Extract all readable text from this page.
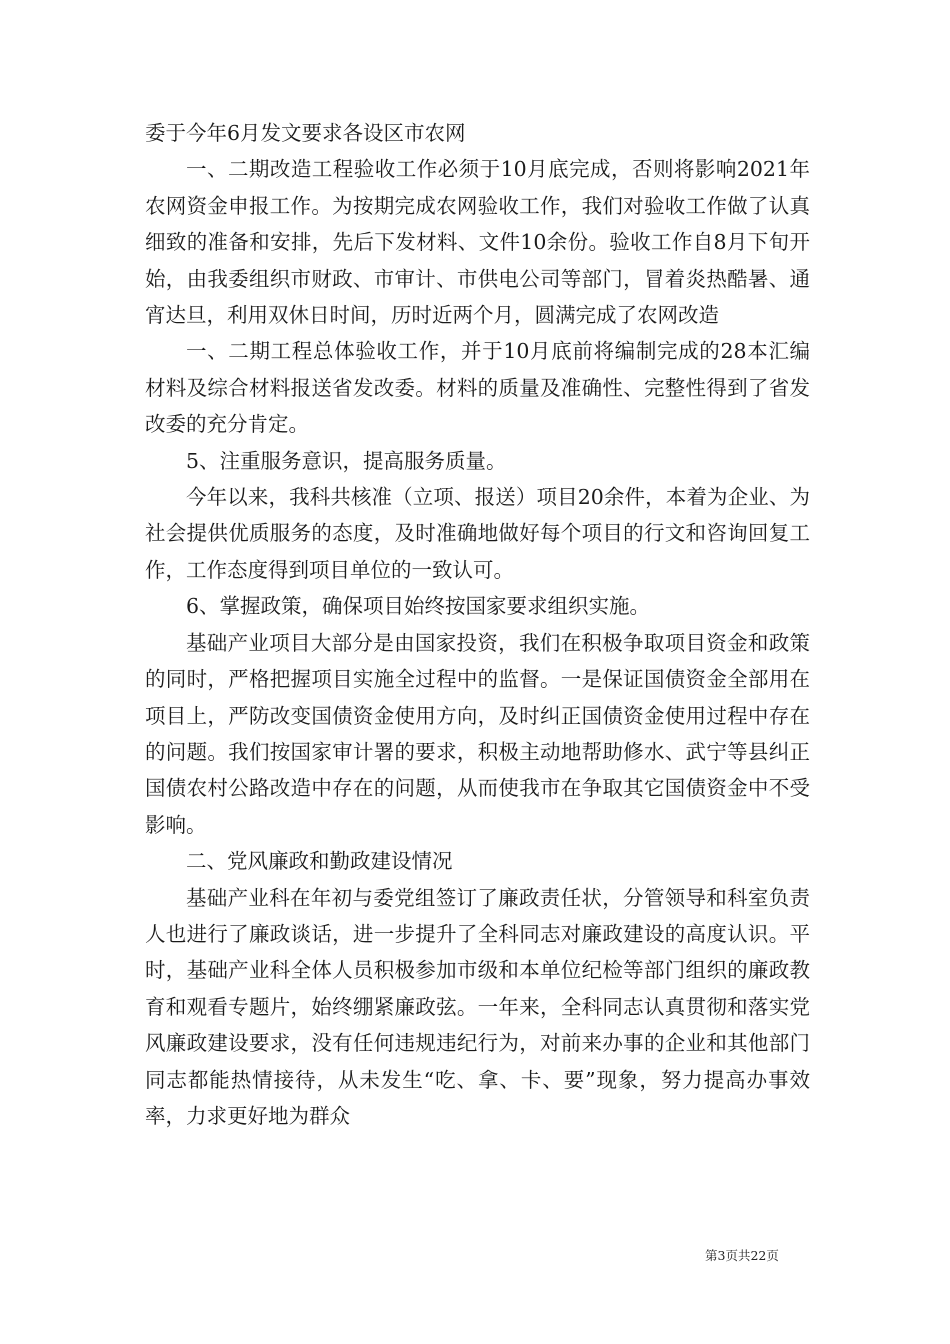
委于今年6月发文要求各设区市农网

一、二期改造工程验收工作必须于10月底完成，否则将影响2021年农网资金申报工作。为按期完成农网验收工作，我们对验收工作做了认真细致的准备和安排，先后下发材料、文件10余份。验收工作自8月下旬开始，由我委组织市财政、市审计、市供电公司等部门，冒着炎热酷暑、通宵达旦，利用双休日时间，历时近两个月，圆满完成了农网改造

一、二期工程总体验收工作，并于10月底前将编制完成的28本汇编材料及综合材料报送省发改委。材料的质量及准确性、完整性得到了省发改委的充分肯定。

5、注重服务意识，提高服务质量。

今年以来，我科共核准（立项、报送）项目20余件，本着为企业、为社会提供优质服务的态度，及时准确地做好每个项目的行文和咨询回复工作，工作态度得到项目单位的一致认可。

6、掌握政策，确保项目始终按国家要求组织实施。

基础产业项目大部分是由国家投资，我们在积极争取项目资金和政策的同时，严格把握项目实施全过程中的监督。一是保证国债资金全部用在项目上，严防改变国债资金使用方向，及时纠正国债资金使用过程中存在的问题。我们按国家审计署的要求，积极主动地帮助修水、武宁等县纠正国债农村公路改造中存在的问题，从而使我市在争取其它国债资金中不受影响。

二、党风廉政和勤政建设情况

基础产业科在年初与委党组签订了廉政责任状，分管领导和科室负责人也进行了廉政谈话，进一步提升了全科同志对廉政建设的高度认识。平时，基础产业科全体人员积极参加市级和本单位纪检等部门组织的廉政教育和观看专题片，始终绷紧廉政弦。一年来，全科同志认真贯彻和落实党风廉政建设要求，没有任何违规违纪行为，对前来办事的企业和其他部门同志都能热情接待，从未发生“吃、拿、卡、要”现象，努力提高办事效率，力求更好地为群众

第3页共22页
